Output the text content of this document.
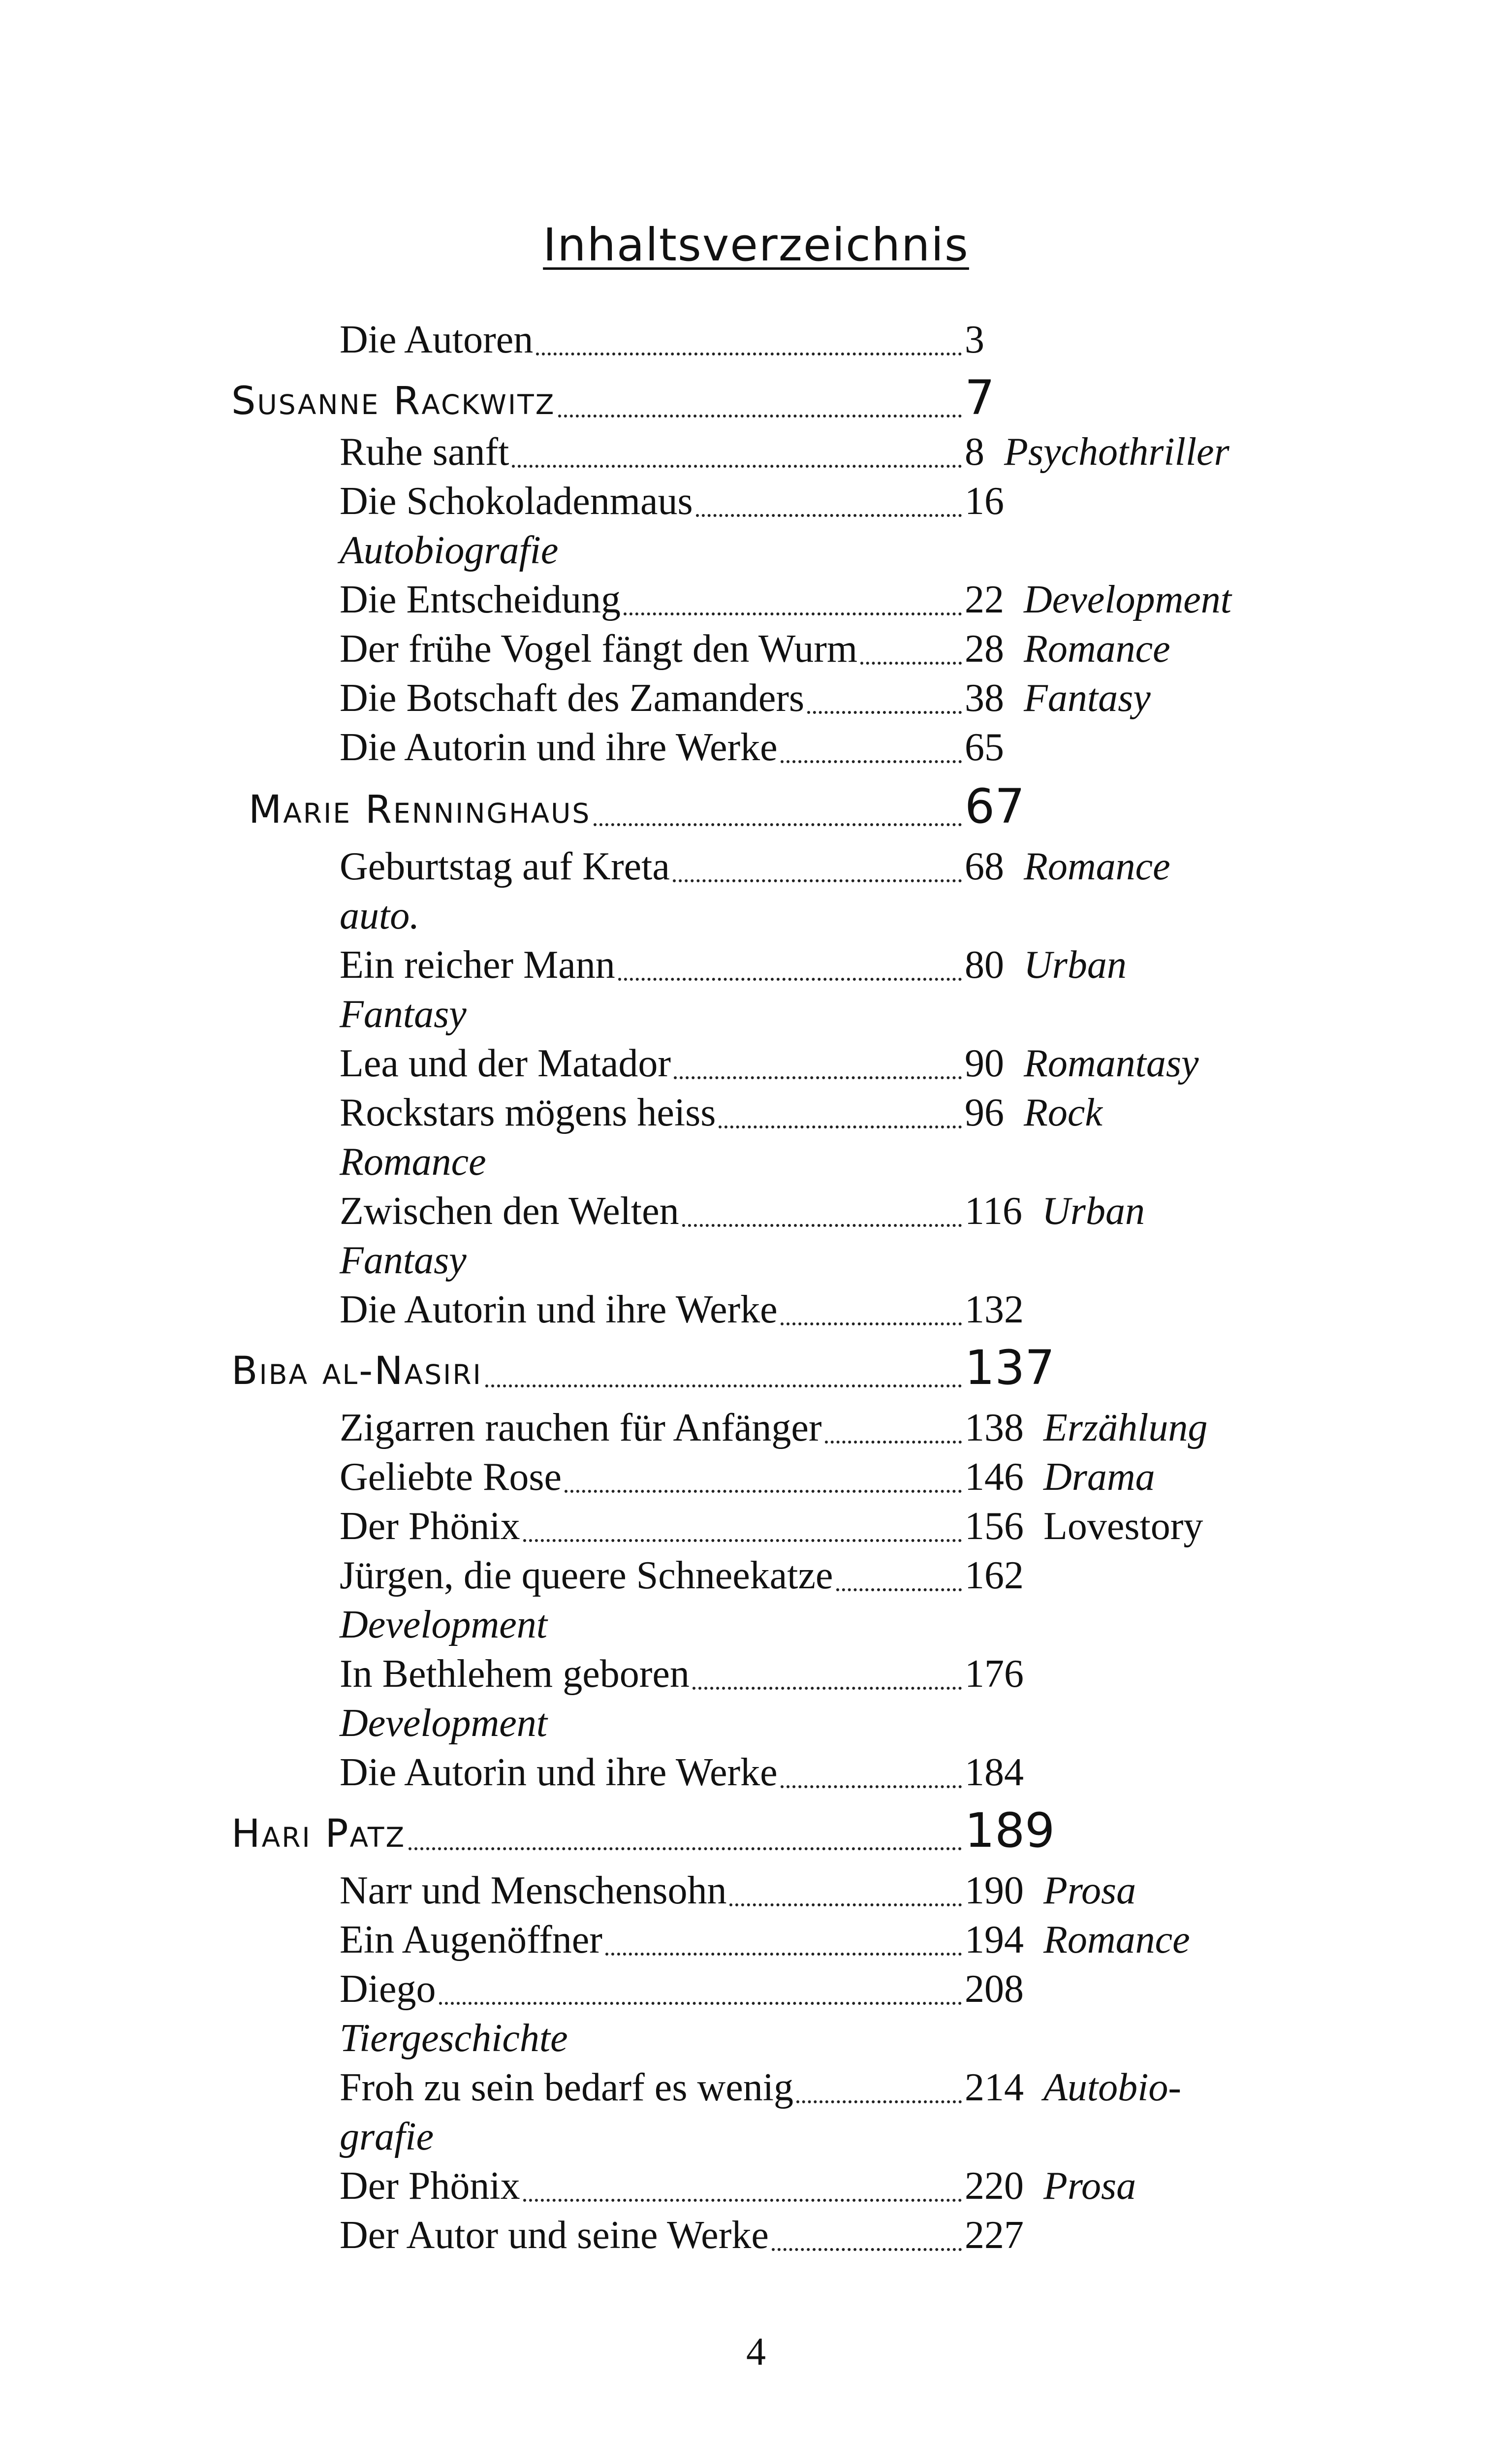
Inhaltsverzeichnis
Die Autoren	3
Susanne Rackwitz	7
Ruhe sanft	8 Psychothriller
Die Schokoladenmaus	16
Autobiografie
Die Entscheidung	22 Development
Der frühe Vogel fängt den Wurm	28 Romance
Die Botschaft des Zamanders	38 Fantasy
Die Autorin und ihre Werke	65
Marie Renninghaus	67
Geburtstag auf Kreta	68 Romance
auto.
Ein reicher Mann	80 Urban
Fantasy
Lea und der Matador	90 Romantasy
Rockstars mögens heiss	96 Rock
Romance
Zwischen den Welten	116 Urban
Fantasy
Die Autorin und ihre Werke	132
Biba al-Nasiri	137
Zigarren rauchen für Anfänger	138 Erzählung
Geliebte Rose	146 Drama
Der Phönix	156 Lovestory
Jürgen, die queere Schneekatze	162
Development
In Bethlehem geboren	176
Development
Die Autorin und ihre Werke	184
Hari Patz	189
Narr und Menschensohn	190 Prosa
Ein Augenöffner	194 Romance
Diego	208
Tiergeschichte
Froh zu sein bedarf es wenig	214 Autobio-
grafie
Der Phönix	220 Prosa
Der Autor und seine Werke	227
4
